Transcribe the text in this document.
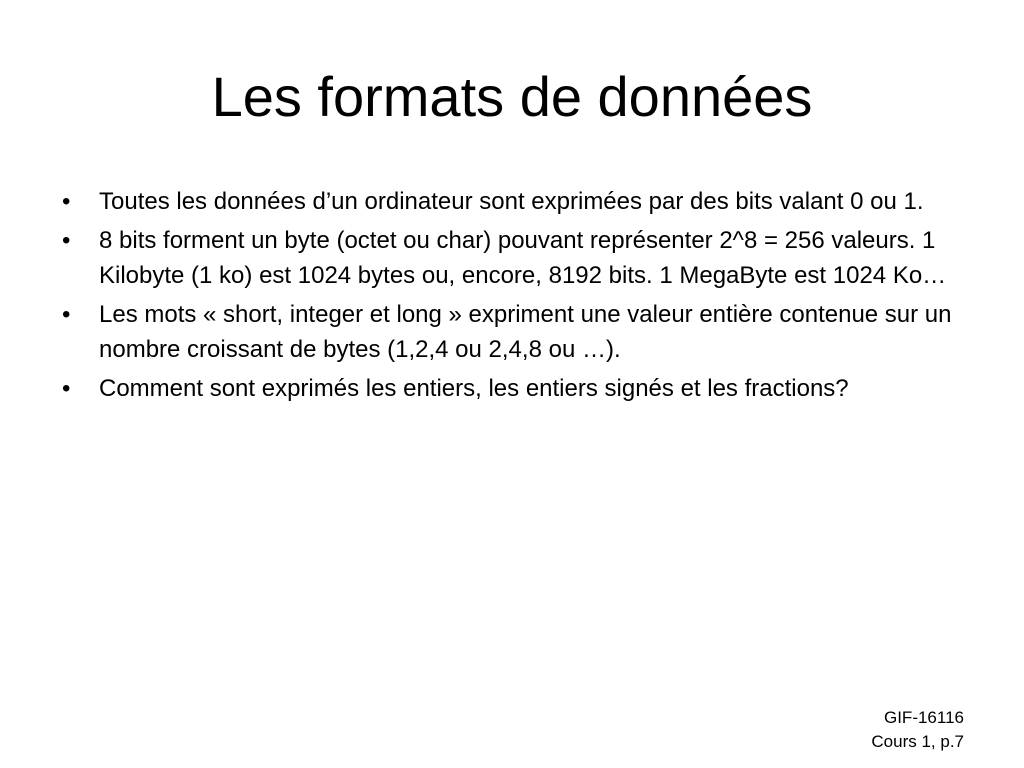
Les formats de données
•	Toutes les données d’un ordinateur sont exprimées par des bits valant 0 ou 1.
•	8 bits forment un byte (octet ou char) pouvant représenter 2^8 = 256 valeurs. 1 Kilobyte (1 ko) est 1024 bytes ou, encore, 8192 bits. 1 MegaByte est 1024 Ko…
•	Les mots « short, integer et long » expriment une valeur entière contenue sur un nombre croissant de bytes (1,2,4 ou 2,4,8 ou …).
•	Comment sont exprimés les entiers, les entiers signés et les fractions?
GIF-16116
Cours 1, p.7
